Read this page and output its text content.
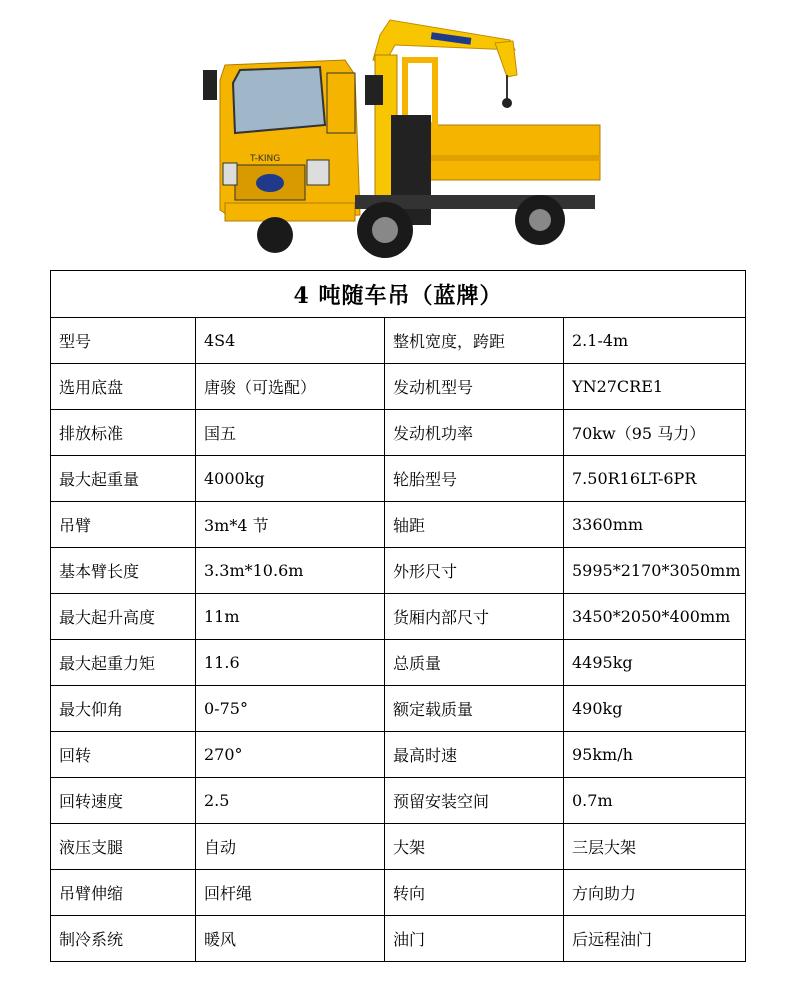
T-KING
4 吨随车吊（蓝牌）			
型号	4S4	整机宽度，跨距	2.1-4m
选用底盘	唐骏（可选配）	发动机型号	YN27CRE1
排放标准	国五	发动机功率	70kw（95 马力）
最大起重量	4000kg	轮胎型号	7.50R16LT-6PR
吊臂	3m*4 节	轴距	3360mm
基本臂长度	3.3m*10.6m	外形尺寸	5995*2170*3050mm
最大起升高度	11m	货厢内部尺寸	3450*2050*400mm
最大起重力矩	11.6	总质量	4495kg
最大仰角	0-75°	额定载质量	490kg
回转	270°	最高时速	95km/h
回转速度	2.5	预留安装空间	0.7m
液压支腿	自动	大架	三层大架
吊臂伸缩	回杆绳	转向	方向助力
制冷系统	暖风	油门	后远程油门
